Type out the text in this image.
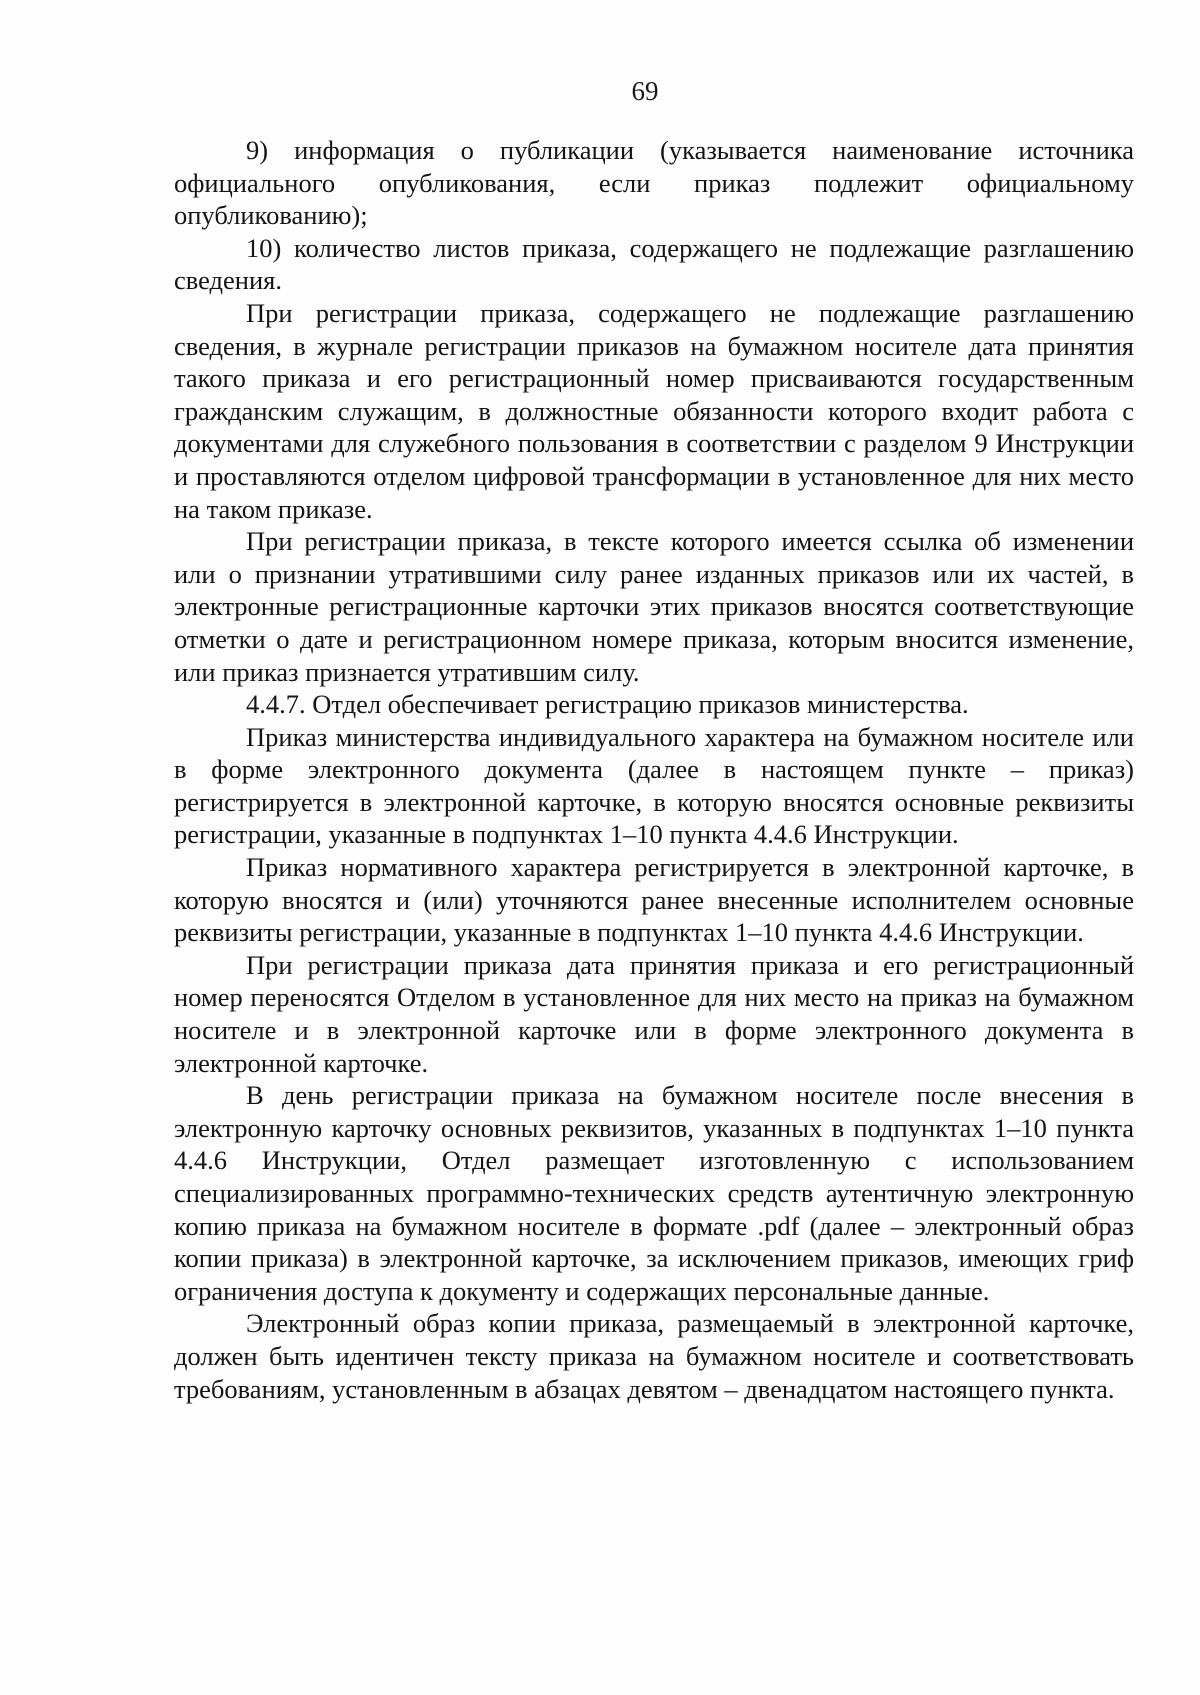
69

9) информация о публикации (указывается наименование источника официального опубликования, если приказ подлежит официальному опубликованию);

10) количество листов приказа, содержащего не подлежащие разглашению сведения.

При регистрации приказа, содержащего не подлежащие разглашению сведения, в журнале регистрации приказов на бумажном носителе дата принятия такого приказа и его регистрационный номер присваиваются государственным гражданским служащим, в должностные обязанности которого входит работа с документами для служебного пользования в соответствии с разделом 9 Инструкции и проставляются отделом цифровой трансформации в установленное для них место на таком приказе.

При регистрации приказа, в тексте которого имеется ссылка об изменении или о признании утратившими силу ранее изданных приказов или их частей, в электронные регистрационные карточки этих приказов вносятся соответствующие отметки о дате и регистрационном номере приказа, которым вносится изменение, или приказ признается утратившим силу.

4.4.7. Отдел обеспечивает регистрацию приказов министерства.

Приказ министерства индивидуального характера на бумажном носителе или в форме электронного документа (далее в настоящем пункте – приказ) регистрируется в электронной карточке, в которую вносятся основные реквизиты регистрации, указанные в подпунктах 1–10 пункта 4.4.6 Инструкции.

Приказ нормативного характера регистрируется в электронной карточке, в которую вносятся и (или) уточняются ранее внесенные исполнителем основные реквизиты регистрации, указанные в подпунктах 1–10 пункта 4.4.6 Инструкции.

При регистрации приказа дата принятия приказа и его регистрационный номер переносятся Отделом в установленное для них место на приказ на бумажном носителе и в электронной карточке или в форме электронного документа в электронной карточке.

В день регистрации приказа на бумажном носителе после внесения в электронную карточку основных реквизитов, указанных в подпунктах 1–10 пункта 4.4.6 Инструкции, Отдел размещает изготовленную с использованием специализированных программно-технических средств аутентичную электронную копию приказа на бумажном носителе в формате .pdf (далее – электронный образ копии приказа) в электронной карточке, за исключением приказов, имеющих гриф ограничения доступа к документу и содержащих персональные данные.

Электронный образ копии приказа, размещаемый в электронной карточке, должен быть идентичен тексту приказа на бумажном носителе и соответствовать требованиям, установленным в абзацах девятом – двенадцатом настоящего пункта.
